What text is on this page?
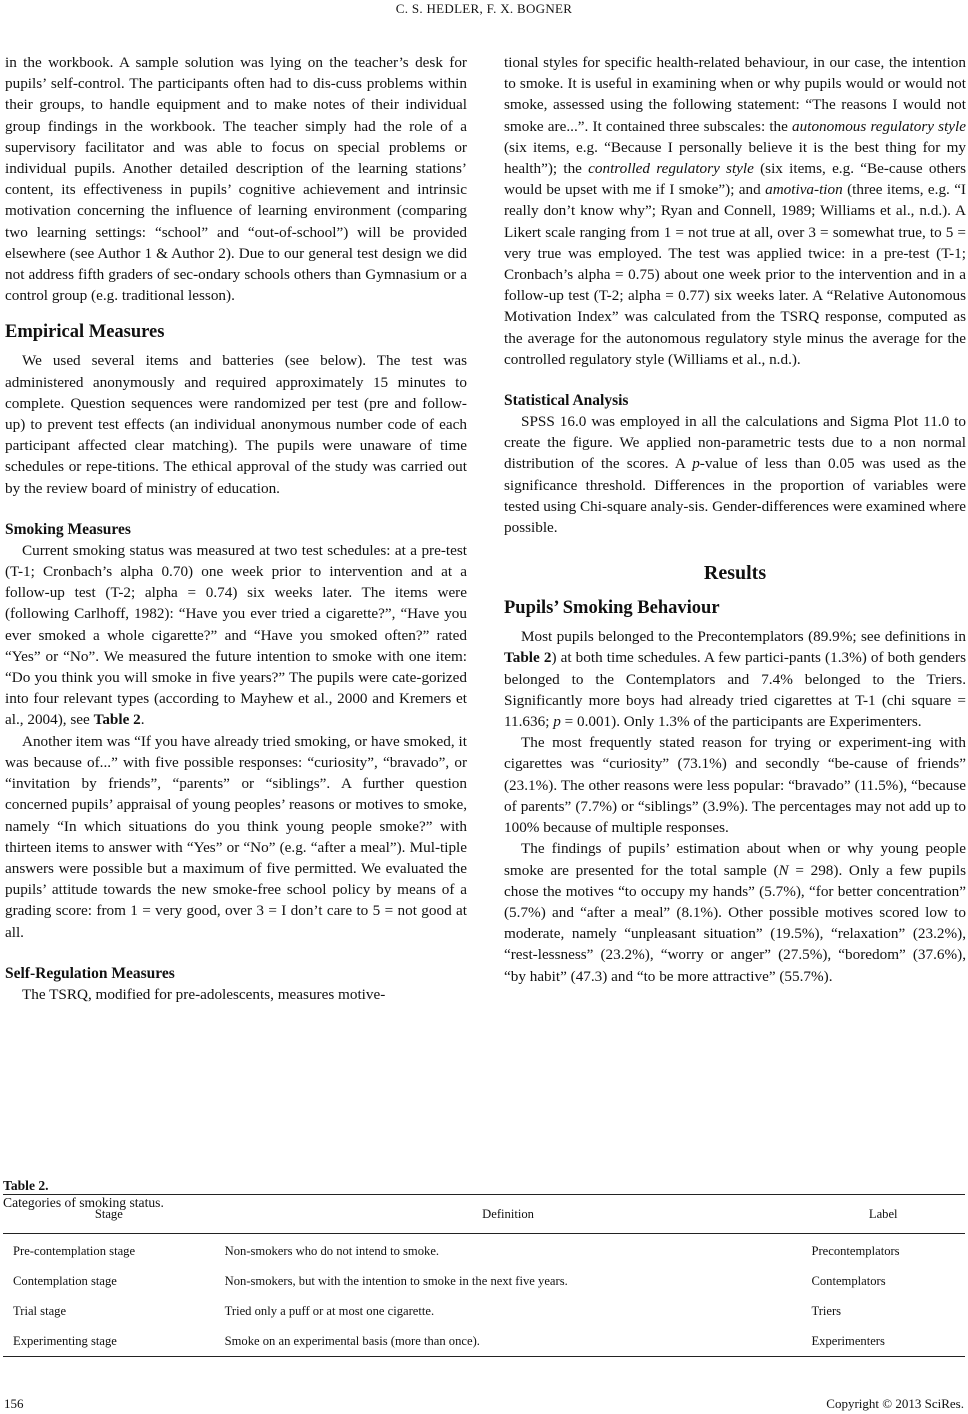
C. S. HEDLER, F. X. BOGNER

in the workbook. A sample solution was lying on the teacher’s desk for pupils’ self-control. The participants often had to dis-cuss problems within their groups, to handle equipment and to make notes of their individual group findings in the workbook. The teacher simply had the role of a supervisory facilitator and was able to focus on special problems or individual pupils. Another detailed description of the learning stations’ content, its effectiveness in pupils’ cognitive achievement and intrinsic motivation concerning the influence of learning environment (comparing two learning settings: “school” and “out-of-school”) will be provided elsewhere (see Author 1 & Author 2). Due to our general test design we did not address fifth graders of sec-ondary schools others than Gymnasium or a control group (e.g. traditional lesson).

Empirical Measures

We used several items and batteries (see below). The test was administered anonymously and required approximately 15 minutes to complete. Question sequences were randomized per test (pre and follow-up) to prevent test effects (an individual anonymous number code of each participant affected clear matching). The pupils were unaware of time schedules or repe-titions. The ethical approval of the study was carried out by the review board of ministry of education.

Smoking Measures

Current smoking status was measured at two test schedules: at a pre-test (T-1; Cronbach’s alpha 0.70) one week prior to intervention and at a follow-up test (T-2; alpha = 0.74) six weeks later. The items were (following Carlhoff, 1982): “Have you ever tried a cigarette?”, “Have you ever smoked a whole cigarette?” and “Have you smoked often?” rated “Yes” or “No”. We measured the future intention to smoke with one item: “Do you think you will smoke in five years?” The pupils were cate-gorized into four relevant types (according to Mayhew et al., 2000 and Kremers et al., 2004), see Table 2.

Another item was “If you have already tried smoking, or have smoked, it was because of...” with five possible responses: “curiosity”, “bravado”, or “invitation by friends”, “parents” or “siblings”. A further question concerned pupils’ appraisal of young peoples’ reasons or motives to smoke, namely “In which situations do you think young people smoke?” with thirteen items to answer with “Yes” or “No” (e.g. “after a meal”). Mul-tiple answers were possible but a maximum of five permitted. We evaluated the pupils’ attitude towards the new smoke-free school policy by means of a grading score: from 1 = very good, over 3 = I don’t care to 5 = not good at all.

Self-Regulation Measures

The TSRQ, modified for pre-adolescents, measures motive-

tional styles for specific health-related behaviour, in our case, the intention to smoke. It is useful in examining when or why pupils would or would not smoke, assessed using the following statement: “The reasons I would not smoke are...”. It contained three subscales: the autonomous regulatory style (six items, e.g. “Because I personally believe it is the best thing for my health”); the controlled regulatory style (six items, e.g. “Be-cause others would be upset with me if I smoke”); and amotiva-tion (three items, e.g. “I really don’t know why”; Ryan and Connell, 1989; Williams et al., n.d.). A Likert scale ranging from 1 = not true at all, over 3 = somewhat true, to 5 = very true was employed. The test was applied twice: in a pre-test (T-1; Cronbach’s alpha = 0.75) about one week prior to the intervention and in a follow-up test (T-2; alpha = 0.77) six weeks later. A “Relative Autonomous Motivation Index” was calculated from the TSRQ response, computed as the average for the autonomous regulatory style minus the average for the controlled regulatory style (Williams et al., n.d.).

Statistical Analysis

SPSS 16.0 was employed in all the calculations and Sigma Plot 11.0 to create the figure. We applied non-parametric tests due to a non normal distribution of the scores. A p-value of less than 0.05 was used as the significance threshold. Differences in the proportion of variables were tested using Chi-square analy-sis. Gender-differences were examined where possible.

Results
Pupils’ Smoking Behaviour

Most pupils belonged to the Precontemplators (89.9%; see definitions in Table 2) at both time schedules. A few partici-pants (1.3%) of both genders belonged to the Contemplators and 7.4% belonged to the Triers. Significantly more boys had already tried cigarettes at T-1 (chi square = 11.636; p = 0.001). Only 1.3% of the participants are Experimenters.

The most frequently stated reason for trying or experiment-ing with cigarettes was “curiosity” (73.1%) and secondly “be-cause of friends” (23.1%). The other reasons were less popular: “bravado” (11.5%), “because of parents” (7.7%) or “siblings” (3.9%). The percentages may not add up to 100% because of multiple responses.

The findings of pupils’ estimation about when or why young people smoke are presented for the total sample (N = 298). Only a few pupils chose the motives “to occupy my hands” (5.7%), “for better concentration” (5.7%) and “after a meal” (8.1%). Other possible motives scored low to moderate, namely “unpleasant situation” (19.5%), “relaxation” (23.2%), “rest-lessness” (23.2%), “worry or anger” (27.5%), “boredom” (37.6%), “by habit” (47.3) and “to be more attractive” (55.7%).

Table 2.
Categories of smoking status.
Stage	Definition	Label
Pre-contemplation stage	Non-smokers who do not intend to smoke.	Precontemplators
Contemplation stage	Non-smokers, but with the intention to smoke in the next five years.	Contemplators
Trial stage	Tried only a puff or at most one cigarette.	Triers
Experimenting stage	Smoke on an experimental basis (more than once).	Experimenters
156	Copyright © 2013 SciRes.
